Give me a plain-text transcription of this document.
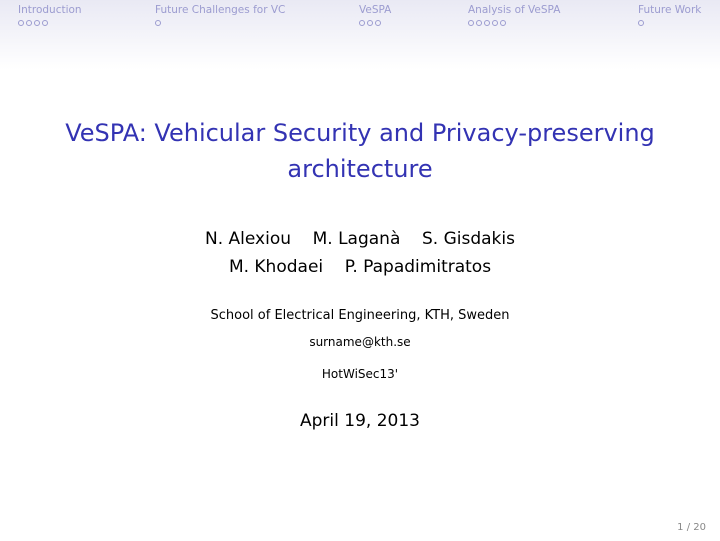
Introduction	Future Challenges for VC	VeSPA	Analysis of VeSPA	Future Work
VeSPA: Vehicular Security and Privacy-preserving
architecture
N. Alexiou    M. Laganà    S. Gisdakis
M. Khodaei    P. Papadimitratos
School of Electrical Engineering, KTH, Sweden
surname@kth.se
HotWiSec13'
April 19, 2013
1 / 20
